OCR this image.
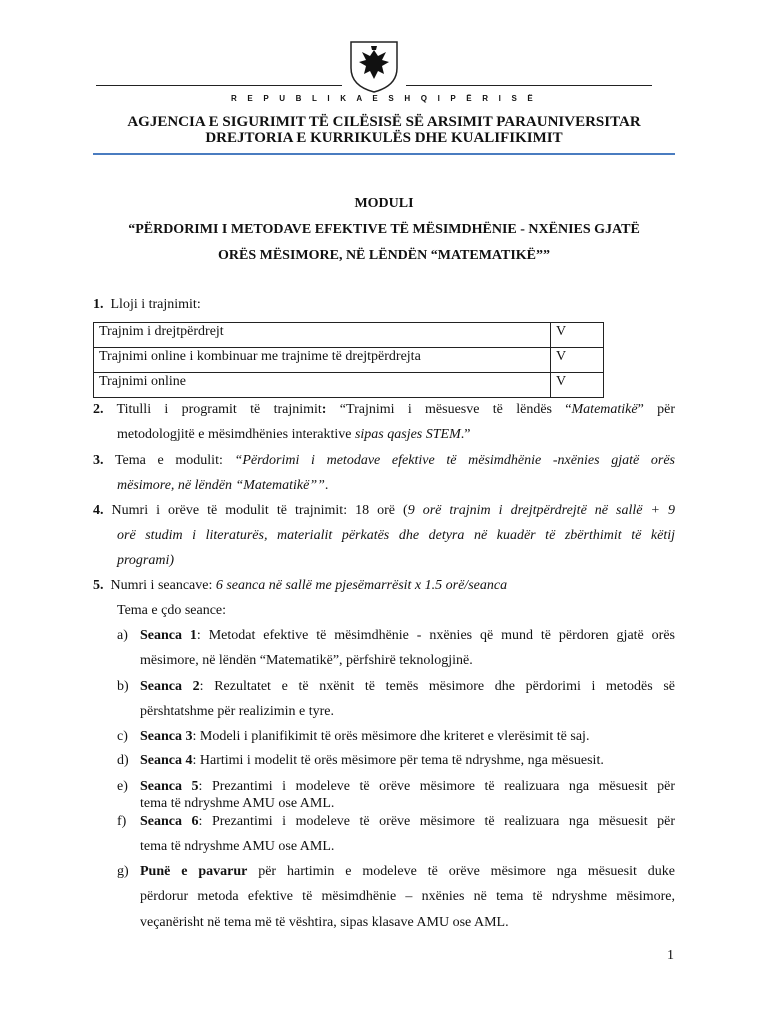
R E P U B L I K A E S H Q I P Ë R I S Ë
AGJENCIA E SIGURIMIT TË CILËSISË SË ARSIMIT PARAUNIVERSITAR
DREJTORIA E KURRIKULËS DHE KUALIFIKIMIT
MODULI
“PËRDORIMI I METODAVE EFEKTIVE TË MËSIMDHËNIE - NXËNIES GJATË
ORËS MËSIMORE, NË LËNDËN “MATEMATIKË””
1. Lloji i trajnimit:
Trajnim i drejtpërdrejt	V
Trajnimi online i kombinuar me trajnime të drejtpërdrejta	V
Trajnimi online	V
2. Titulli i programit të trajnimit: “Trajnimi i mësuesve të lëndës “Matematikë” për
metodologjitë e mësimdhënies interaktive sipas qasjes STEM.”
3. Tema e modulit: “Përdorimi i metodave efektive të mësimdhënie -nxënies gjatë orës
mësimore, në lëndën “Matematikë””.
4. Numri i orëve të modulit të trajnimit: 18 orë (9 orë trajnim i drejtpërdrejtë në sallë + 9
orë studim i literaturës, materialit përkatës dhe detyra në kuadër të zbërthimit të këtij
programi)
5. Numri i seancave: 6 seanca në sallë me pjesëmarrësit x 1.5 orë/seanca
Tema e çdo seance:
a) Seanca 1: Metodat efektive të mësimdhënie - nxënies që mund të përdoren gjatë orës
mësimore, në lëndën “Matematikë”, përfshirë teknologjinë.
b) Seanca 2: Rezultatet e të nxënit të temës mësimore dhe përdorimi i metodës së
përshtatshme për realizimin e tyre.
c) Seanca 3: Modeli i planifikimit të orës mësimore dhe kriteret e vlerësimit të saj.
d) Seanca 4: Hartimi i modelit të orës mësimore për tema të ndryshme, nga mësuesit.
e) Seanca 5: Prezantimi i modeleve të orëve mësimore të realizuara nga mësuesit për
tema të ndryshme AMU ose AML.
f) Seanca 6: Prezantimi i modeleve të orëve mësimore të realizuara nga mësuesit për
tema të ndryshme AMU ose AML.
g) Punë e pavarur për hartimin e modeleve të orëve mësimore nga mësuesit duke
përdorur metoda efektive të mësimdhënie – nxënies në tema të ndryshme mësimore,
veçanërisht në tema më të vështira, sipas klasave AMU ose AML.
1
